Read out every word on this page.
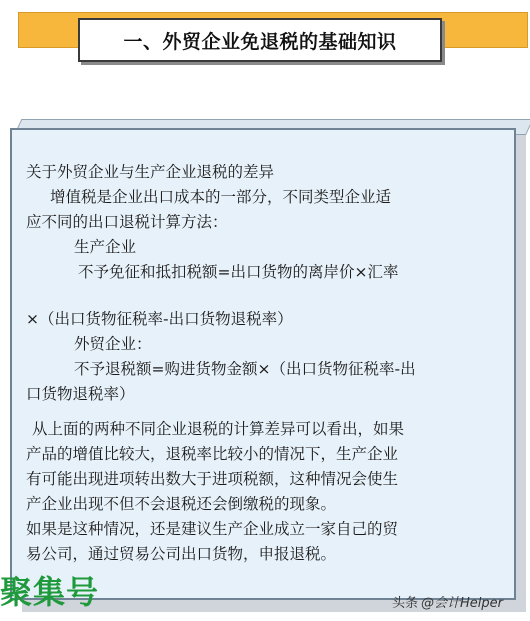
一、外贸企业免退税的基础知识

关于外贸企业与生产企业退税的差异

增值税是企业出口成本的一部分，不同类型企业适

应不同的出口退税计算方法：

生产企业

不予免征和抵扣税额=出口货物的离岸价×汇率

×（出口货物征税率-出口货物退税率）

外贸企业：

不予退税额=购进货物金额×（出口货物征税率-出

口货物退税率）

从上面的两种不同企业退税的计算差异可以看出，如果

产品的增值比较大，退税率比较小的情况下，生产企业

有可能出现进项转出数大于进项税额，这种情况会使生

产企业出现不但不会退税还会倒缴税的现象。

如果是这种情况，还是建议生产企业成立一家自己的贸

易公司，通过贸易公司出口货物，申报退税。

聚集号	头条 @会计Helper
